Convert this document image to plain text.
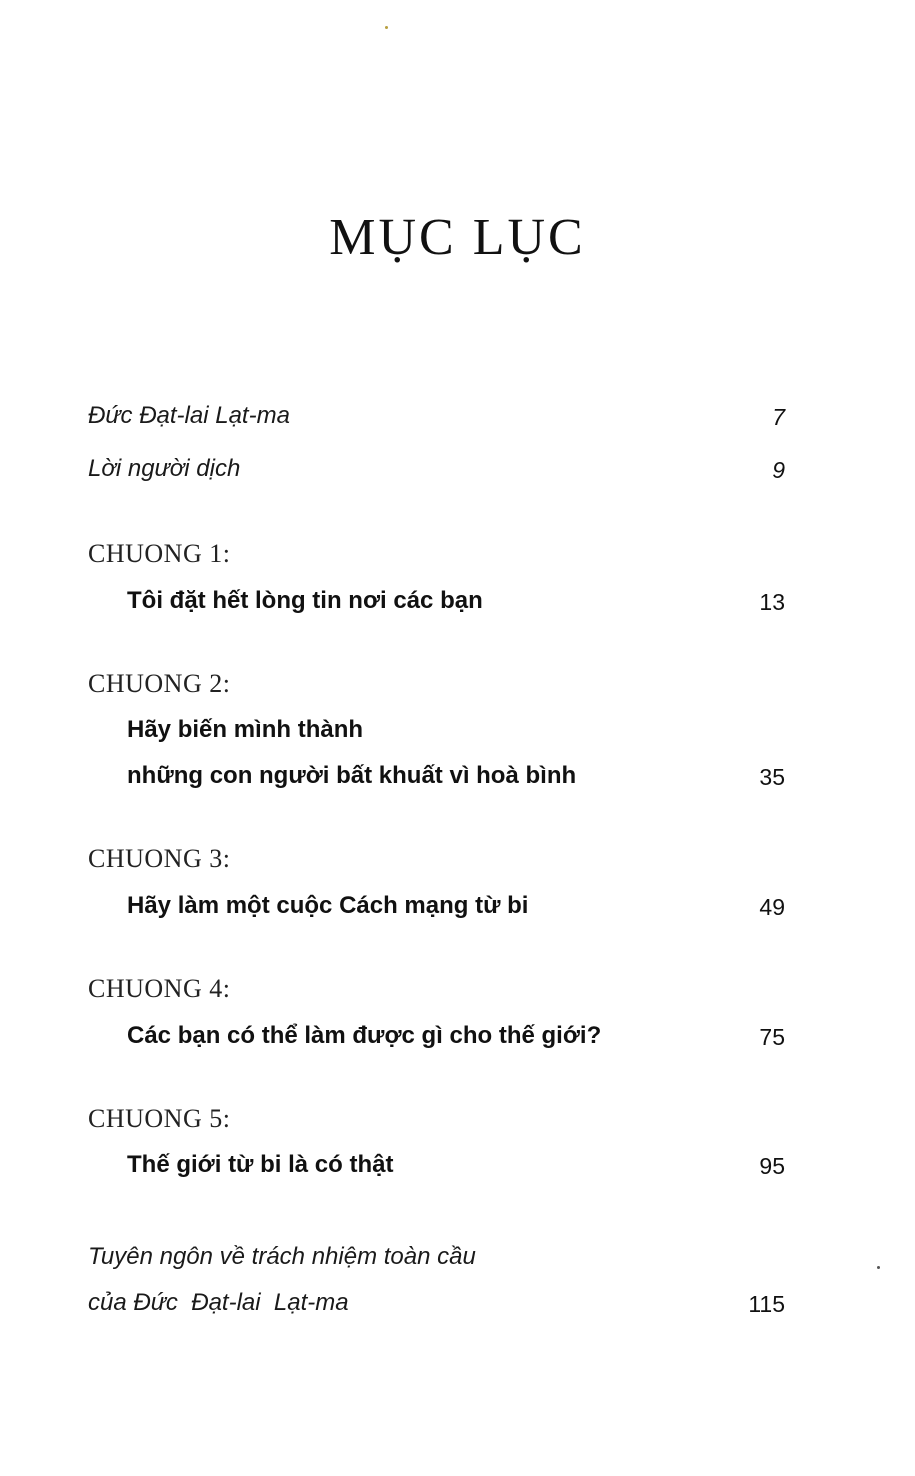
MỤC LỤC
Đức Đạt-lai Lạt-ma	7
Lời người dịch	9
CHUONG 1:
Tôi đặt hết lòng tin nơi các bạn	13
CHUONG 2:
Hãy biến mình thành
những con người bất khuất vì hoà bình	35
CHUONG 3:
Hãy làm một cuộc Cách mạng từ bi	49
CHUONG 4:
Các bạn có thể làm được gì cho thế giới?	75
CHUONG 5:
Thế giới từ bi là có thật	95
Tuyên ngôn về trách nhiệm toàn cầu
của Đức  Đạt-lai  Lạt-ma	115
